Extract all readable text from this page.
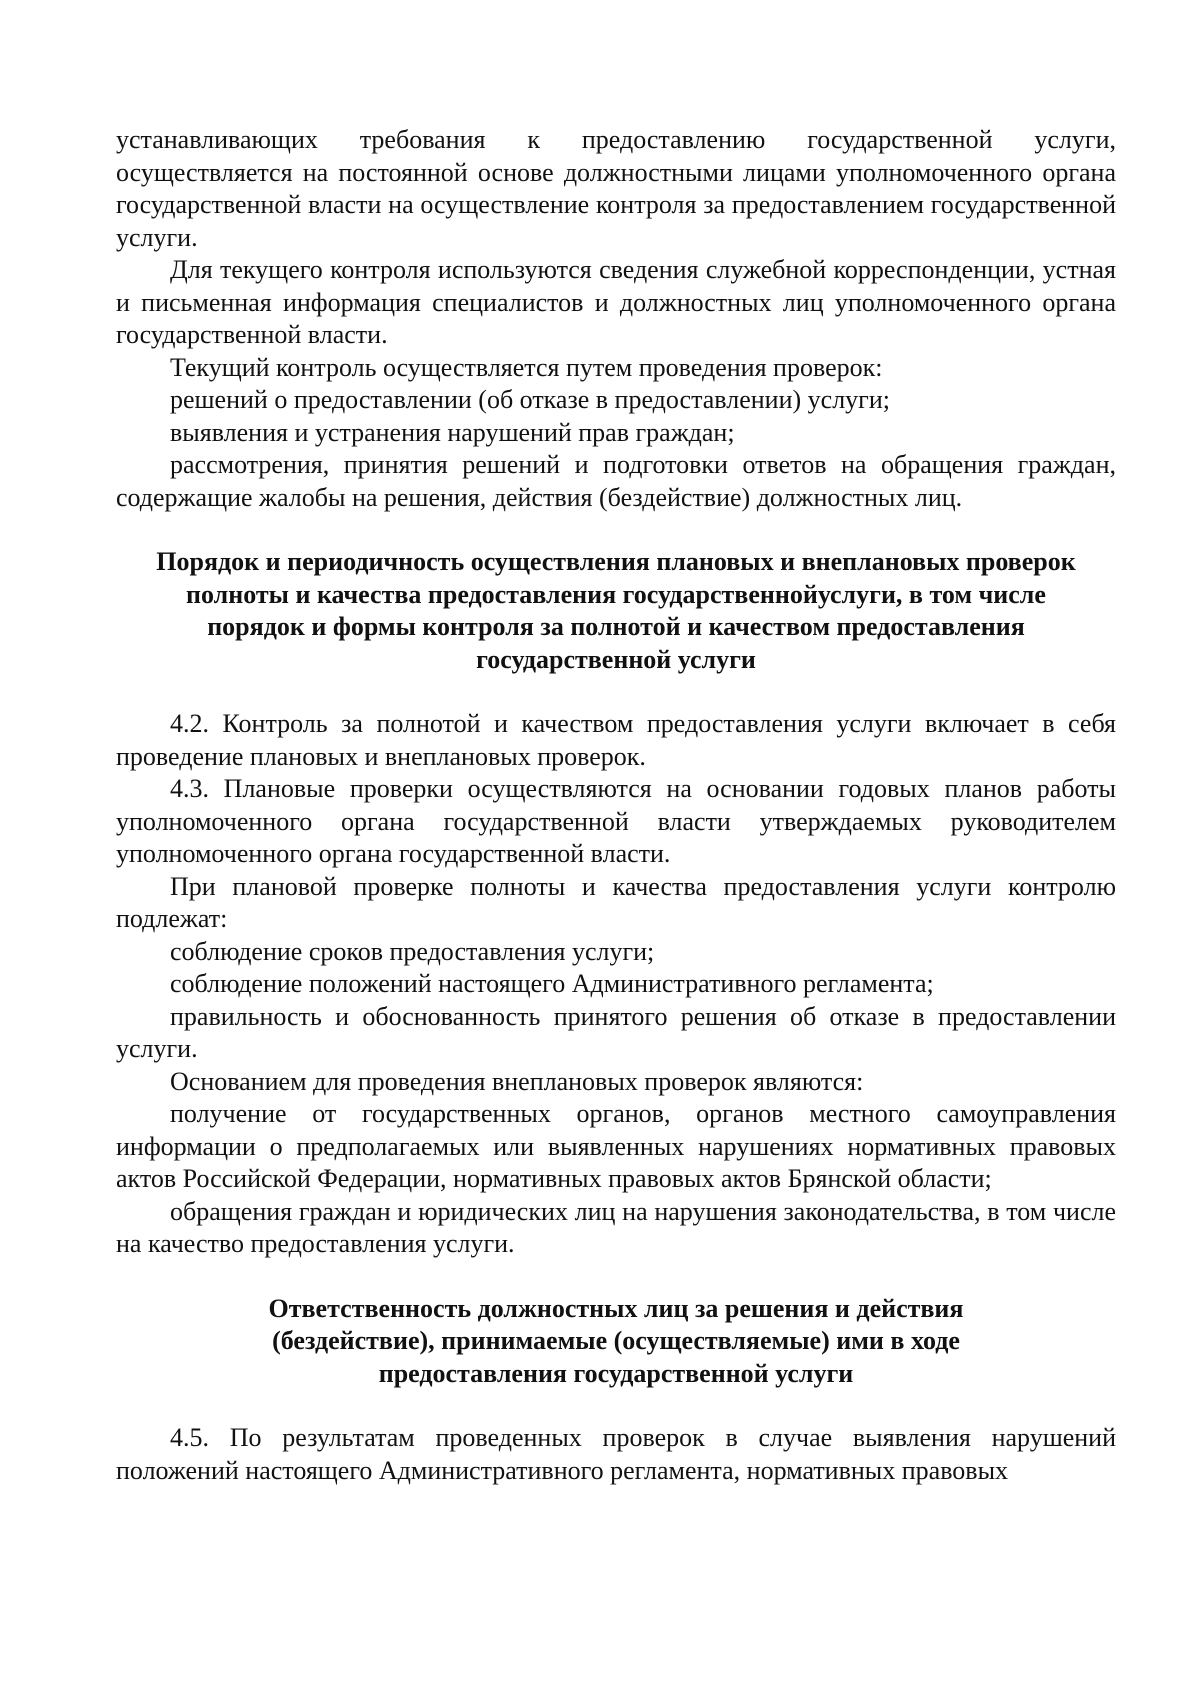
устанавливающих требования к предоставлению государственной услуги, осуществляется на постоянной основе должностными лицами уполномоченного органа государственной власти на осуществление контроля за предоставлением государственной услуги.

Для текущего контроля используются сведения служебной корреспонденции, устная и письменная информация специалистов и должностных лиц уполномоченного органа государственной власти.

Текущий контроль осуществляется путем проведения проверок:

решений о предоставлении (об отказе в предоставлении) услуги;

выявления и устранения нарушений прав граждан;

рассмотрения, принятия решений и подготовки ответов на обращения граждан, содержащие жалобы на решения, действия (бездействие) должностных лиц.

Порядок и периодичность осуществления плановых и внеплановых проверок полноты и качества предоставления государственнойуслуги, в том числе порядок и формы контроля за полнотой и качеством предоставления государственной услуги

4.2. Контроль за полнотой и качеством предоставления услуги включает в себя проведение плановых и внеплановых проверок.

4.3. Плановые проверки осуществляются на основании годовых планов работы уполномоченного органа государственной власти утверждаемых руководителем уполномоченного органа государственной власти.

При плановой проверке полноты и качества предоставления услуги контролю подлежат:

соблюдение сроков предоставления услуги;

соблюдение положений настоящего Административного регламента;

правильность и обоснованность принятого решения об отказе в предоставлении услуги.

Основанием для проведения внеплановых проверок являются:

получение от государственных органов, органов местного самоуправления информации о предполагаемых или выявленных нарушениях нормативных правовых актов Российской Федерации, нормативных правовых актов Брянской области;

обращения граждан и юридических лиц на нарушения законодательства, в том числе на качество предоставления услуги.

Ответственность должностных лиц за решения и действия (бездействие), принимаемые (осуществляемые) ими в ходе предоставления государственной услуги

4.5. По результатам проведенных проверок в случае выявления нарушений положений настоящего Административного регламента, нормативных правовых
